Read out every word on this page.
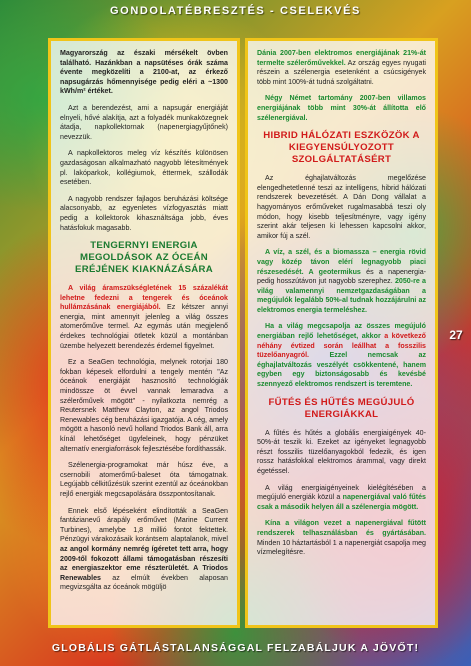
GONDOLATÉBRESZTÉS - CSELEKVÉS

Magyarország az északi mérsékelt övben található. Hazánkban a napsütéses órák száma évente megközelíti a 2100-at, az érkező napsugárzás hőmennyisége pedig eléri a ~1300 kWh/m² értéket.

Azt a berendezést, ami a napsugár energiáját elnyeli, hővé alakítja, azt a folyadék munkaközegnek átadja, napkollektornak (napenergiagyűjtőnek) nevezzük.

A napkollektoros meleg víz készítés különösen gazdaságosan alkalmazható nagyobb létesítmények pl. lakóparkok, kollégiumok, éttermek, szállodák esetében.

A nagyobb rendszer fajlagos beruházási költsége alacsonyabb, az egyenletes vízfogyasztás miatt pedig a kollektorok kihasználtsága jobb, éves hatásfokuk magasabb.

TENGERNYI ENERGIA MEGOLDÁSOK AZ ÓCEÁN ERÉJÉNEK KIAKNÁZÁSÁRA

A világ áramszükségletének 15 százalékát lehetne fedezni a tengerek és óceánok hullámzásának energiájából. Ez kétszer annyi energia, mint amennyit jelenleg a világ összes atomerőműve termel. Az egymás után megjelenő érdekes technológiai ötletek közül a montánban üzembe helyezett berendezés érdemel figyelmet.

Ez a SeaGen technológia, melynek rotorjai 180 fokban képesek elfordulni a tengely mentén "Az óceánok energiáját hasznosító technológiák mindössze öt évvel vannak lemaradva a szélerőművek mögött" - nyilatkozta nemrég a Reutersnek Matthew Clayton, az angol Triodos Renewables cég beruházási igazgatója. A cég, amely mögött a hasonló nevű holland Triodos Bank áll, arra kínál lehetőséget ügyfeleinek, hogy pénzüket alternatív energiaforrások fejlesztésébe fordíthassák.

Szélenergia-programokat már húsz éve, a csernobili atomerőmű-baleset óta támogatnak. Legújabb célkitűzésük szerint ezentúl az óceánokban rejlő energiák megcsapolására összpontosítanak.

Ennek első lépéseként elindították a SeaGen fantázianevű árapály erőművet (Marine Current Turbines), amelybe 1,8 millió fontot fektettek. Pénzügyi várakozásaik korántsem alaptalanok, mivel az angol kormány nemrég ígéretet tett arra, hogy 2009-től fokozott állami támogatásban részesíti az energiaszektor eme részterületét. A Triodos Renewables az elmúlt években alaposan megvizsgálta az óceánok mögüljö

Dánia 2007-ben elektromos energiájának 21%-át termelte szélerőművekkel. Az ország egyes nyugati részein a szélenergia esetenként a csúcsigények több mint 100%-át tudná szolgáltatni.

Négy Német tartomány 2007-ben villamos energiájának több mint 30%-át állította elő szélenergiával.

HIBRID HÁLÓZATI ESZKÖZÖK A KIEGYENSÚLYOZOTT SZOLGÁLTATÁSÉRT

Az éghajlatváltozás megelőzése elengedhetetlenné teszi az intelligens, hibrid hálózati rendszerek bevezetését. A Dán Dong vállalat a hagyományos erőműveket rugalmasabbá teszi oly módon, hogy kisebb teljesítményre, vagy igény szerint akár teljesen ki lehessen kapcsolni akkor, amikor fúj a szél.

A víz, a szél, és a biomassza – energia rövid vagy közép távon elérí legnagyobb piaci részesedését. A geotermikus és a napenergia-pedig hosszútávon jut nagyobb szerephez. 2050-re a világ valamennyi nemzetgazdaságában a megújulók legalább 50%-al tudnak hozzájárulni az elektromos energia termeléshez.

Ha a világ megcsapolja az összes megújuló energiában rejlő lehetőséget, akkor a következő néhány évtized során leállhat a fosszilis tüzelőanyagról. Ezzel nemcsak az éghajlatváltozás veszélyét csökkentené, hanem egyben egy biztonságosabb és kevésbé szennyező elektromos rendszert is teremtene.

FŰTÉS ÉS HŰTÉS MEGÚJULÓ ENERGIÁKKAL

A fűtés és hűtés a globális energiaigények 40-50%-át teszik ki. Ezeket az igényeket legnagyobb részt fosszilis tüzelőanyagokból fedezik, és igen rossz hatásfokkal elektromos árammal, vagy direkt égetéssel.

A világ energiaigényeinek kielégítésében a megújuló energiák közül a napenergiával való fűtés csak a második helyen áll a szélenergia mögött.

Kína a világon vezet a napenergiával fűtött rendszerek telhasználásban és gyártásában. Minden 10 háztartásból 1 a napenergiát csapolja meg vízmelegítésre.

27
GLOBÁLIS GÁTLÁSTALANSÁGGAL FELZABÁLJUK A JÖVŐT!
